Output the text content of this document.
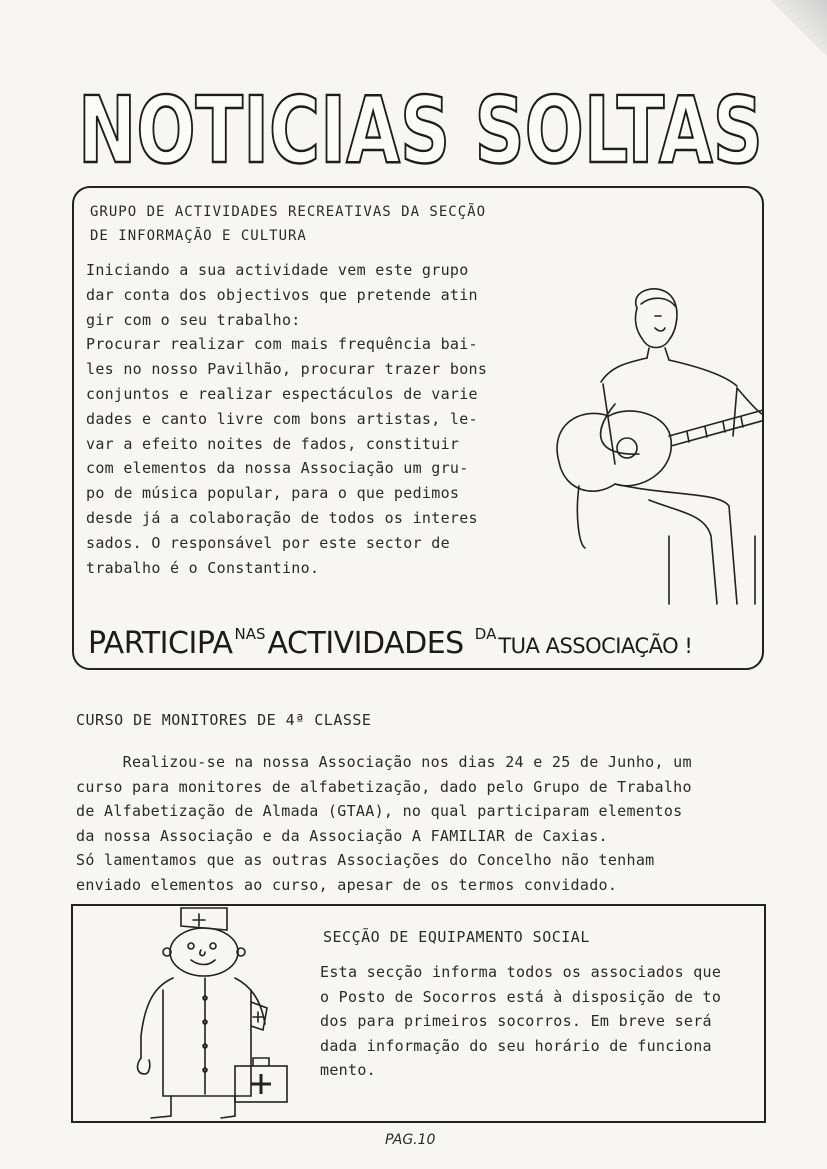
NOTICIAS SOLTAS
GRUPO DE ACTIVIDADES RECREATIVAS DA SECÇÃO
DE INFORMAÇÃO E CULTURA
Iniciando a sua actividade vem este grupo
dar conta dos objectivos que pretende atin
gir com o seu trabalho:
Procurar realizar com mais frequência bai-
les no nosso Pavilhão, procurar trazer bons
conjuntos e realizar espectáculos de varie
dades e canto livre com bons artistas, le-
var a efeito noites de fados, constituir
com elementos da nossa Associação um gru-
po de música popular, para o que pedimos
desde já a colaboração de todos os interes
sados. O responsável por este sector de
trabalho é o Constantino.
PARTICIPA $^{NAS}$ACTIVIDADES $^{DA}$TUA ASSOCIAÇÃO !
CURSO DE MONITORES DE 4ª CLASSE
Realizou-se na nossa Associação nos dias 24 e 25 de Junho, um
curso para monitores de alfabetização, dado pelo Grupo de Trabalho
de Alfabetização de Almada (GTAA), no qual participaram elementos
da nossa Associação e da Associação A FAMILIAR de Caxias.
Só lamentamos que as outras Assoсiações do Concelho não tenham
enviado elementos ao curso, apesar de os termos convidado.
SECÇÃO DE EQUIPAMENTO SOCIAL
Esta secção informa todos os associados que
o Posto de Socorros está à disposição de to
dos para primeiros socorros. Em breve será
dada informação do seu horário de funciona
mento.
PAG.10
